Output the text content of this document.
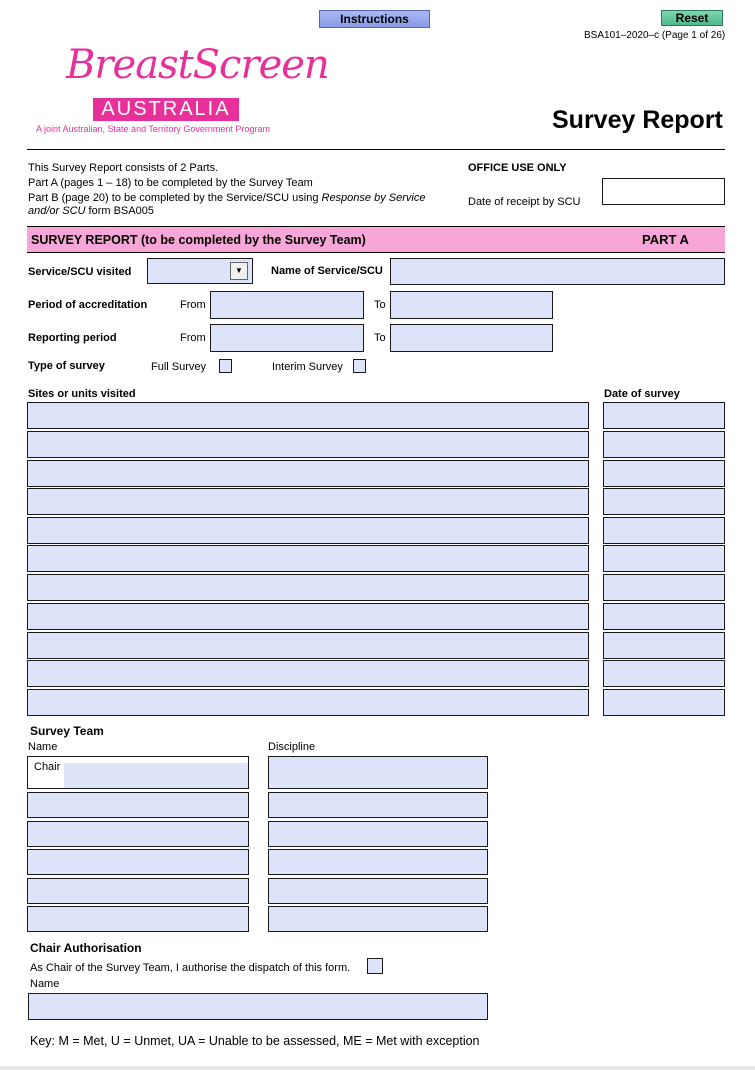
Instructions	Reset
BSA101–2020–c (Page 1 of 26)
BreastScreen
AUSTRALIA
A joint Australian, State and Territory Government Program	Survey Report
This Survey Report consists of 2 Parts.
Part A (pages 1 – 18) to be completed by the Survey Team
Part B (page 20) to be completed by the Service/SCU using Response by Service
and/or SCU form BSA005
OFFICE USE ONLY
Date of receipt by SCU
SURVEY REPORT (to be completed by the Survey Team)	PART A
Service/SCU visited	▼	Name of Service/SCU
Period of accreditation	From	To
Reporting period	From	To
Type of survey	Full Survey	Interim Survey
Sites or units visited	Date of survey
Survey Team
Name	Discipline
Chair
Chair Authorisation
As Chair of the Survey Team, I authorise the dispatch of this form.
Name
Key: M = Met, U = Unmet, UA = Unable to be assessed, ME = Met with exception
